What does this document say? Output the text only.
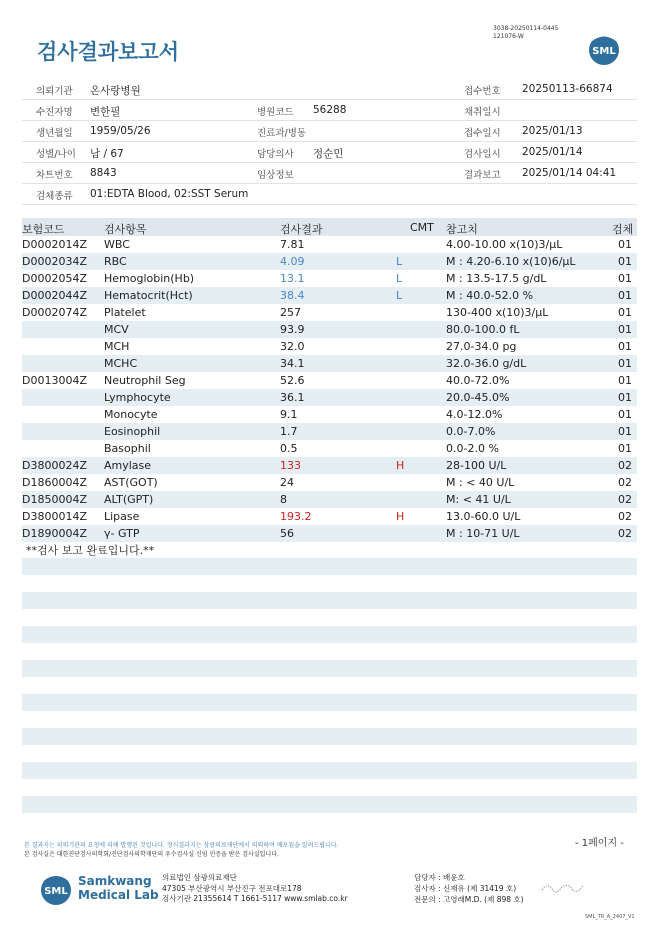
검사결과보고서
3038-20250114-0445
121076-W
SML
의뢰기관 온사랑병원	접수번호 20250113-66874
수진자명 변한필	병원코드 56288	채취일시
생년월일 1959/05/26	진료과/병동	접수일시 2025/01/13
성별/나이 남 / 67	담당의사 정순민	검사일시 2025/01/14
차트번호 8843	임상정보	결과보고 2025/01/14 04:41
검체종류 01:EDTA Blood, 02:SST Serum
보험코드	검사항목	검사결과	CMT 참고치	검체
D0002014Z WBC	7.81	4.00-10.00 x(10)3/μL	01
D0002034Z RBC	4.09	L	M : 4.20-6.10 x(10)6/μL	01
D0002054Z Hemoglobin(Hb)	13.1	L	M : 13.5-17.5 g/dL	01
D0002044Z Hematocrit(Hct)	38.4	L	M : 40.0-52.0 %	01
D0002074Z Platelet	257	130-400 x(10)3/μL	01
MCV	93.9	80.0-100.0 fL	01
MCH	32.0	27.0-34.0 pg	01
MCHC	34.1	32.0-36.0 g/dL	01
D0013004Z Neutrophil Seg	52.6	40.0-72.0%	01
Lymphocyte	36.1	20.0-45.0%	01
Monocyte	9.1	4.0-12.0%	01
Eosinophil	1.7	0.0-7.0%	01
Basophil	0.5	0.0-2.0 %	01
D3800024Z Amylase	133	H	28-100 U/L	02
D1860004Z AST(GOT)	24	M : < 40 U/L	02
D1850004Z ALT(GPT)	8	M: < 41 U/L	02
D3800014Z Lipase	193.2	H	13.0-60.0 U/L	02
D1890004Z γ- GTP	56	M : 10-71 U/L	02
**검사 보고 완료입니다.**
- 1페이지 -
본 결과지는 의뢰기관의 요청에 의해 발행된 것입니다. 정식결과지는 삼광의료재단에서 의뢰하여 배포됨을 알려드립니다.
본 검사실은 대한진단검사의학회/진단검사의학재단의 우수검사실 신임 인증을 받은 검사실입니다.
SML
Samkwang
Medical Lab
의료법인 삼광의료재단
47305 부산광역시 부산진구 전포대로178
검사기관 21355614 T 1661-5117 www.smlab.co.kr
담당자 : 배윤호
검사자 : 신재유 (제 31419 호)
전문의 : 고영래M.D. (제 898 호)
SML_TR_A_2407_V1
